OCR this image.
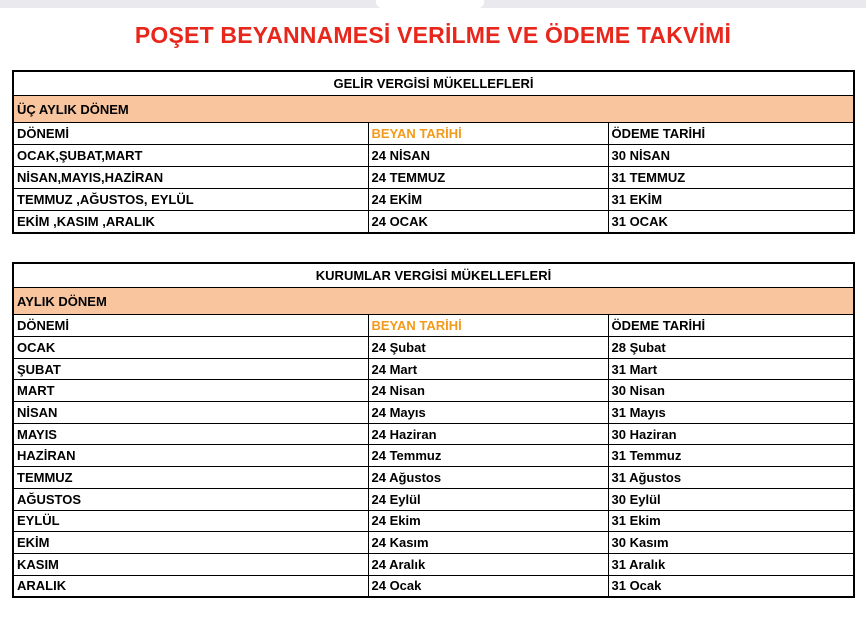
POŞET BEYANNAMESİ VERİLME VE ÖDEME TAKVİMİ
GELİR VERGİSİ MÜKELLEFLERİ		
ÜÇ AYLIK DÖNEM		
DÖNEMİ	BEYAN TARİHİ	ÖDEME TARİHİ
OCAK,ŞUBAT,MART	24 NİSAN	30 NİSAN
NİSAN,MAYIS,HAZİRAN	24 TEMMUZ	31 TEMMUZ
TEMMUZ ,AĞUSTOS, EYLÜL	24 EKİM	31 EKİM
EKİM ,KASIM ,ARALIK	24 OCAK	31 OCAK
KURUMLAR VERGİSİ MÜKELLEFLERİ		
AYLIK DÖNEM		
DÖNEMİ	BEYAN TARİHİ	ÖDEME TARİHİ
OCAK	24 Şubat	28 Şubat
ŞUBAT	24 Mart	31 Mart
MART	24 Nisan	30 Nisan
NİSAN	24 Mayıs	31 Mayıs
MAYIS	24 Haziran	30 Haziran
HAZİRAN	24 Temmuz	31 Temmuz
TEMMUZ	24 Ağustos	31 Ağustos
AĞUSTOS	24 Eylül	30 Eylül
EYLÜL	24 Ekim	31 Ekim
EKİM	24 Kasım	30 Kasım
KASIM	24 Aralık	31 Aralık
ARALIK	24 Ocak	31 Ocak
